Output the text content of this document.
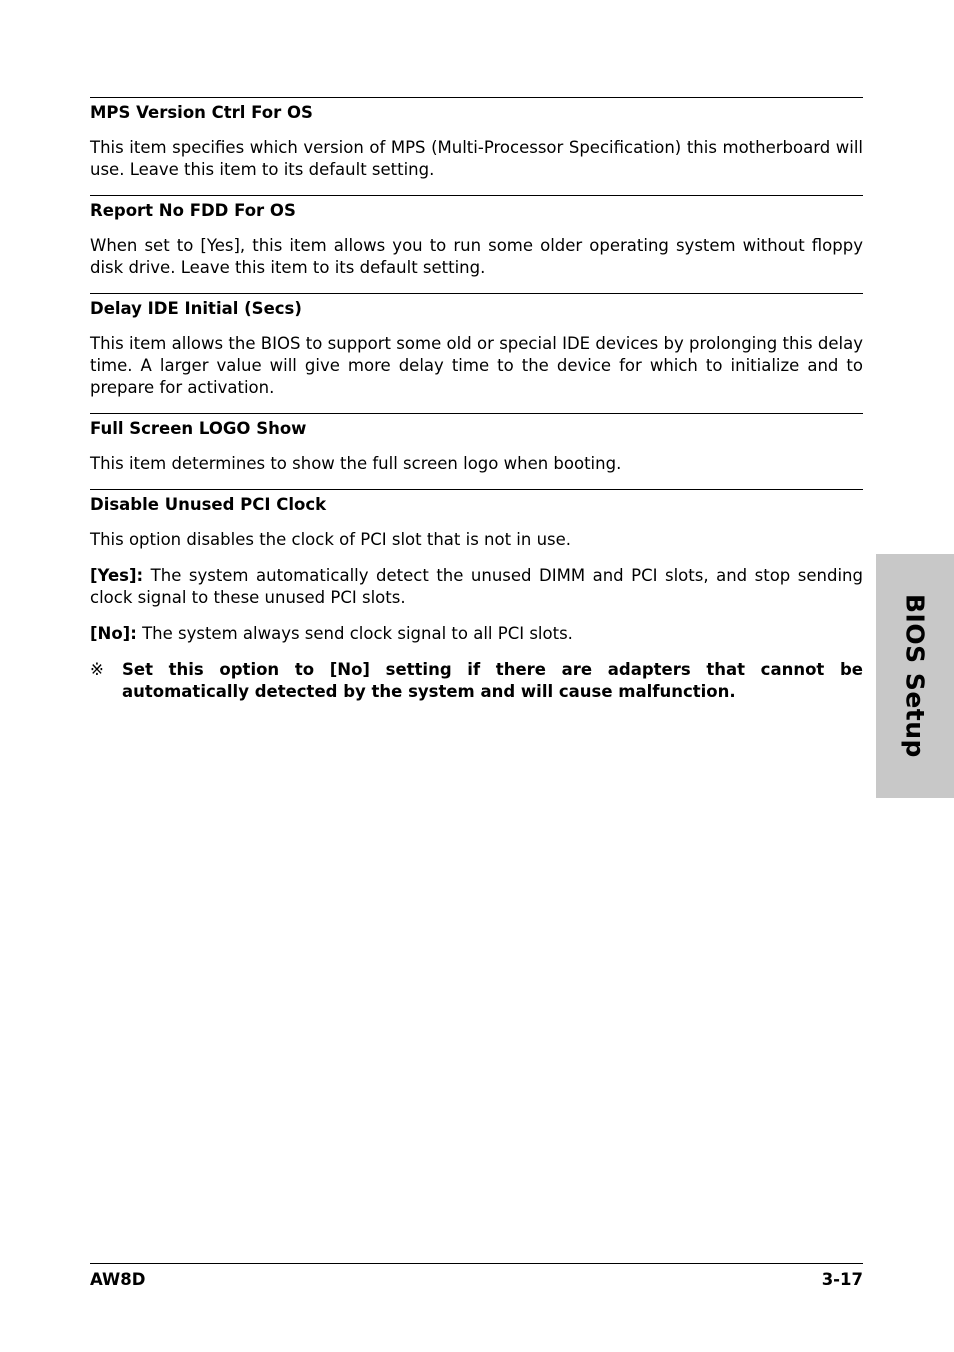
MPS Version Ctrl For OS

This item specifies which version of MPS (Multi-Processor Specification) this motherboard will use. Leave this item to its default setting.

Report No FDD For OS

When set to [Yes], this item allows you to run some older operating system without floppy disk drive. Leave this item to its default setting.

Delay IDE Initial (Secs)

This item allows the BIOS to support some old or special IDE devices by prolonging this delay time. A larger value will give more delay time to the device for which to initialize and to prepare for activation.

Full Screen LOGO Show

This item determines to show the full screen logo when booting.

Disable Unused PCI Clock

This option disables the clock of PCI slot that is not in use.

[Yes]: The system automatically detect the unused DIMM and PCI slots, and stop sending clock signal to these unused PCI slots.

[No]: The system always send clock signal to all PCI slots.

※	Set this option to [No] setting if there are adapters that cannot be automatically detected by the system and will cause malfunction.	BIOS Setup
AW8D	3-17
